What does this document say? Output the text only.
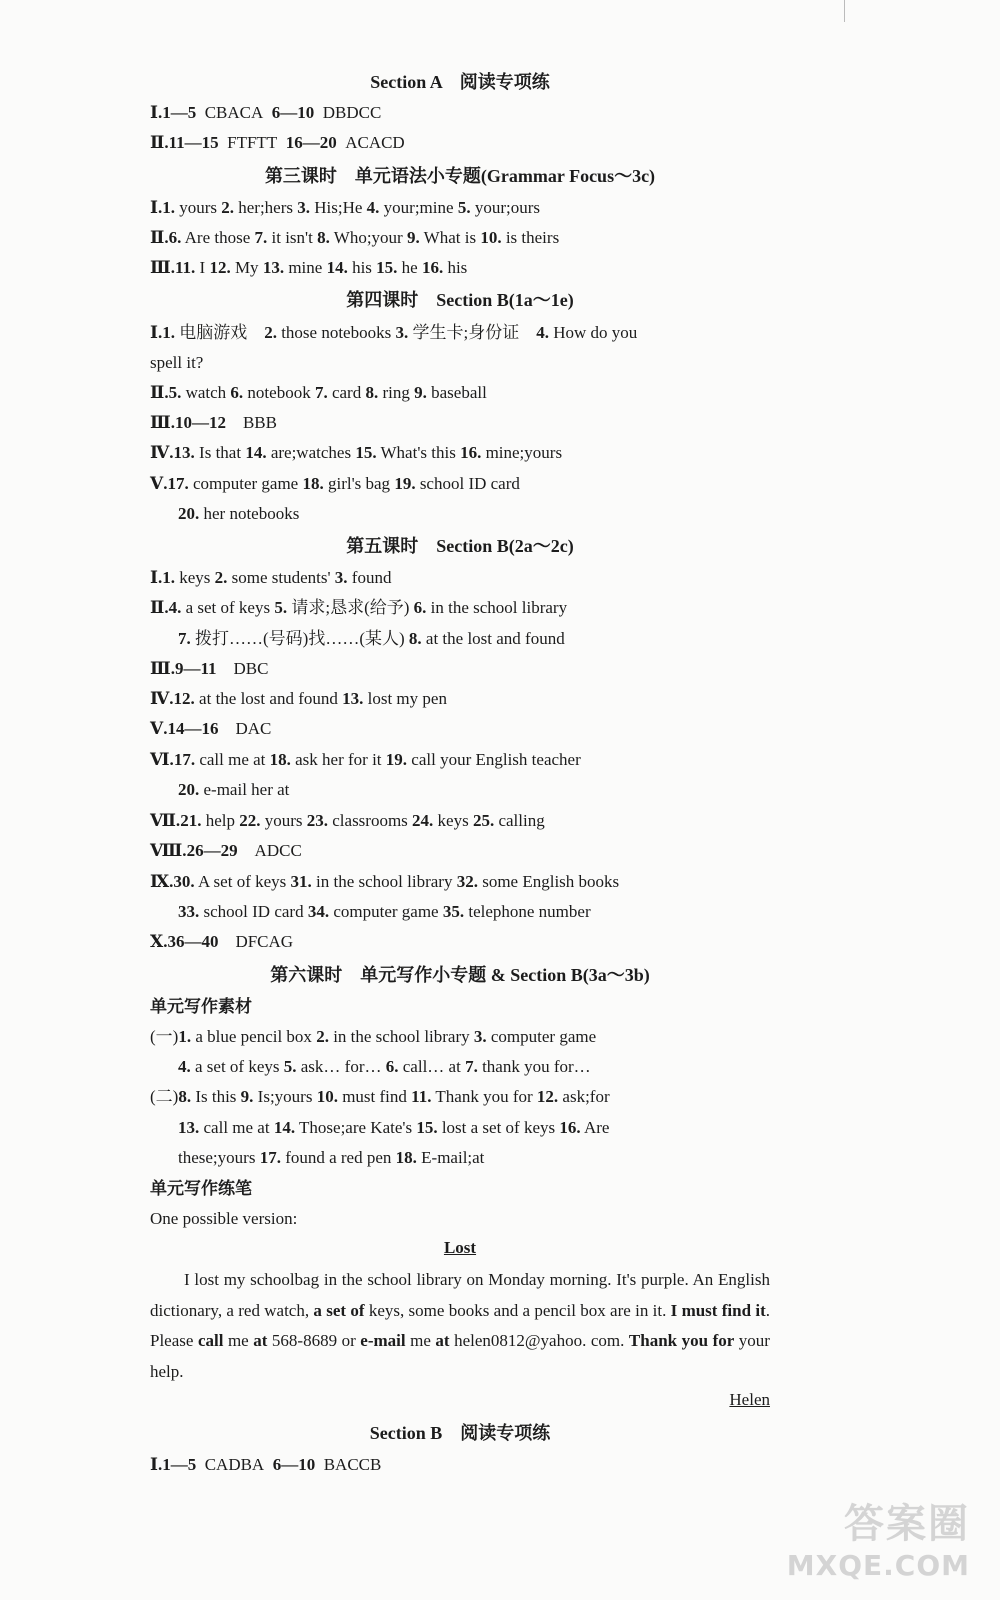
Section A　阅读专项练
Ⅰ.1—5 CBACA 6—10 DBDCC
Ⅱ.11—15 FTFTT 16—20 ACACD
第三课时　单元语法小专题(Grammar Focus～3c)
Ⅰ.1. yours 2. her;hers 3. His;He 4. your;mine 5. your;ours
Ⅱ.6. Are those 7. it isn't 8. Who;your 9. What is 10. is theirs
Ⅲ.11. I 12. My 13. mine 14. his 15. he 16. his
第四课时　Section B(1a～1e)
Ⅰ.1. 电脑游戏　2. those notebooks 3. 学生卡;身份证　4. How do you
spell it?
Ⅱ.5. watch 6. notebook 7. card 8. ring 9. baseball
Ⅲ.10—12　BBB
Ⅳ.13. Is that 14. are;watches 15. What's this 16. mine;yours
Ⅴ.17. computer game 18. girl's bag 19. school ID card
20. her notebooks
第五课时　Section B(2a～2c)
Ⅰ.1. keys 2. some students' 3. found
Ⅱ.4. a set of keys 5. 请求;恳求(给予) 6. in the school library
7. 拨打……(号码)找……(某人) 8. at the lost and found
Ⅲ.9—11　DBC
Ⅳ.12. at the lost and found 13. lost my pen
Ⅴ.14—16　DAC
Ⅵ.17. call me at 18. ask her for it 19. call your English teacher
20. e-mail her at
Ⅶ.21. help 22. yours 23. classrooms 24. keys 25. calling
Ⅷ.26—29　ADCC
Ⅸ.30. A set of keys 31. in the school library 32. some English books
33. school ID card 34. computer game 35. telephone number
Ⅹ.36—40　DFCAG
第六课时　单元写作小专题 & Section B(3a～3b)
单元写作素材
(一)1. a blue pencil box 2. in the school library 3. computer game
4. a set of keys 5. ask… for… 6. call… at 7. thank you for…
(二)8. Is this 9. Is;yours 10. must find 11. Thank you for 12. ask;for
13. call me at 14. Those;are Kate's 15. lost a set of keys 16. Are
these;yours 17. found a red pen 18. E-mail;at
单元写作练笔
One possible version:
Lost
I lost my schoolbag in the school library on Monday morning. It's purple. An English dictionary, a red watch, a set of keys, some books and a pencil box are in it. I must find it. Please call me at 568-8689 or e-mail me at helen0812@yahoo. com. Thank you for your help.
Helen
Section B　阅读专项练
Ⅰ.1—5 CADBA 6—10 BACCB
答案圈
MXQE.COM
